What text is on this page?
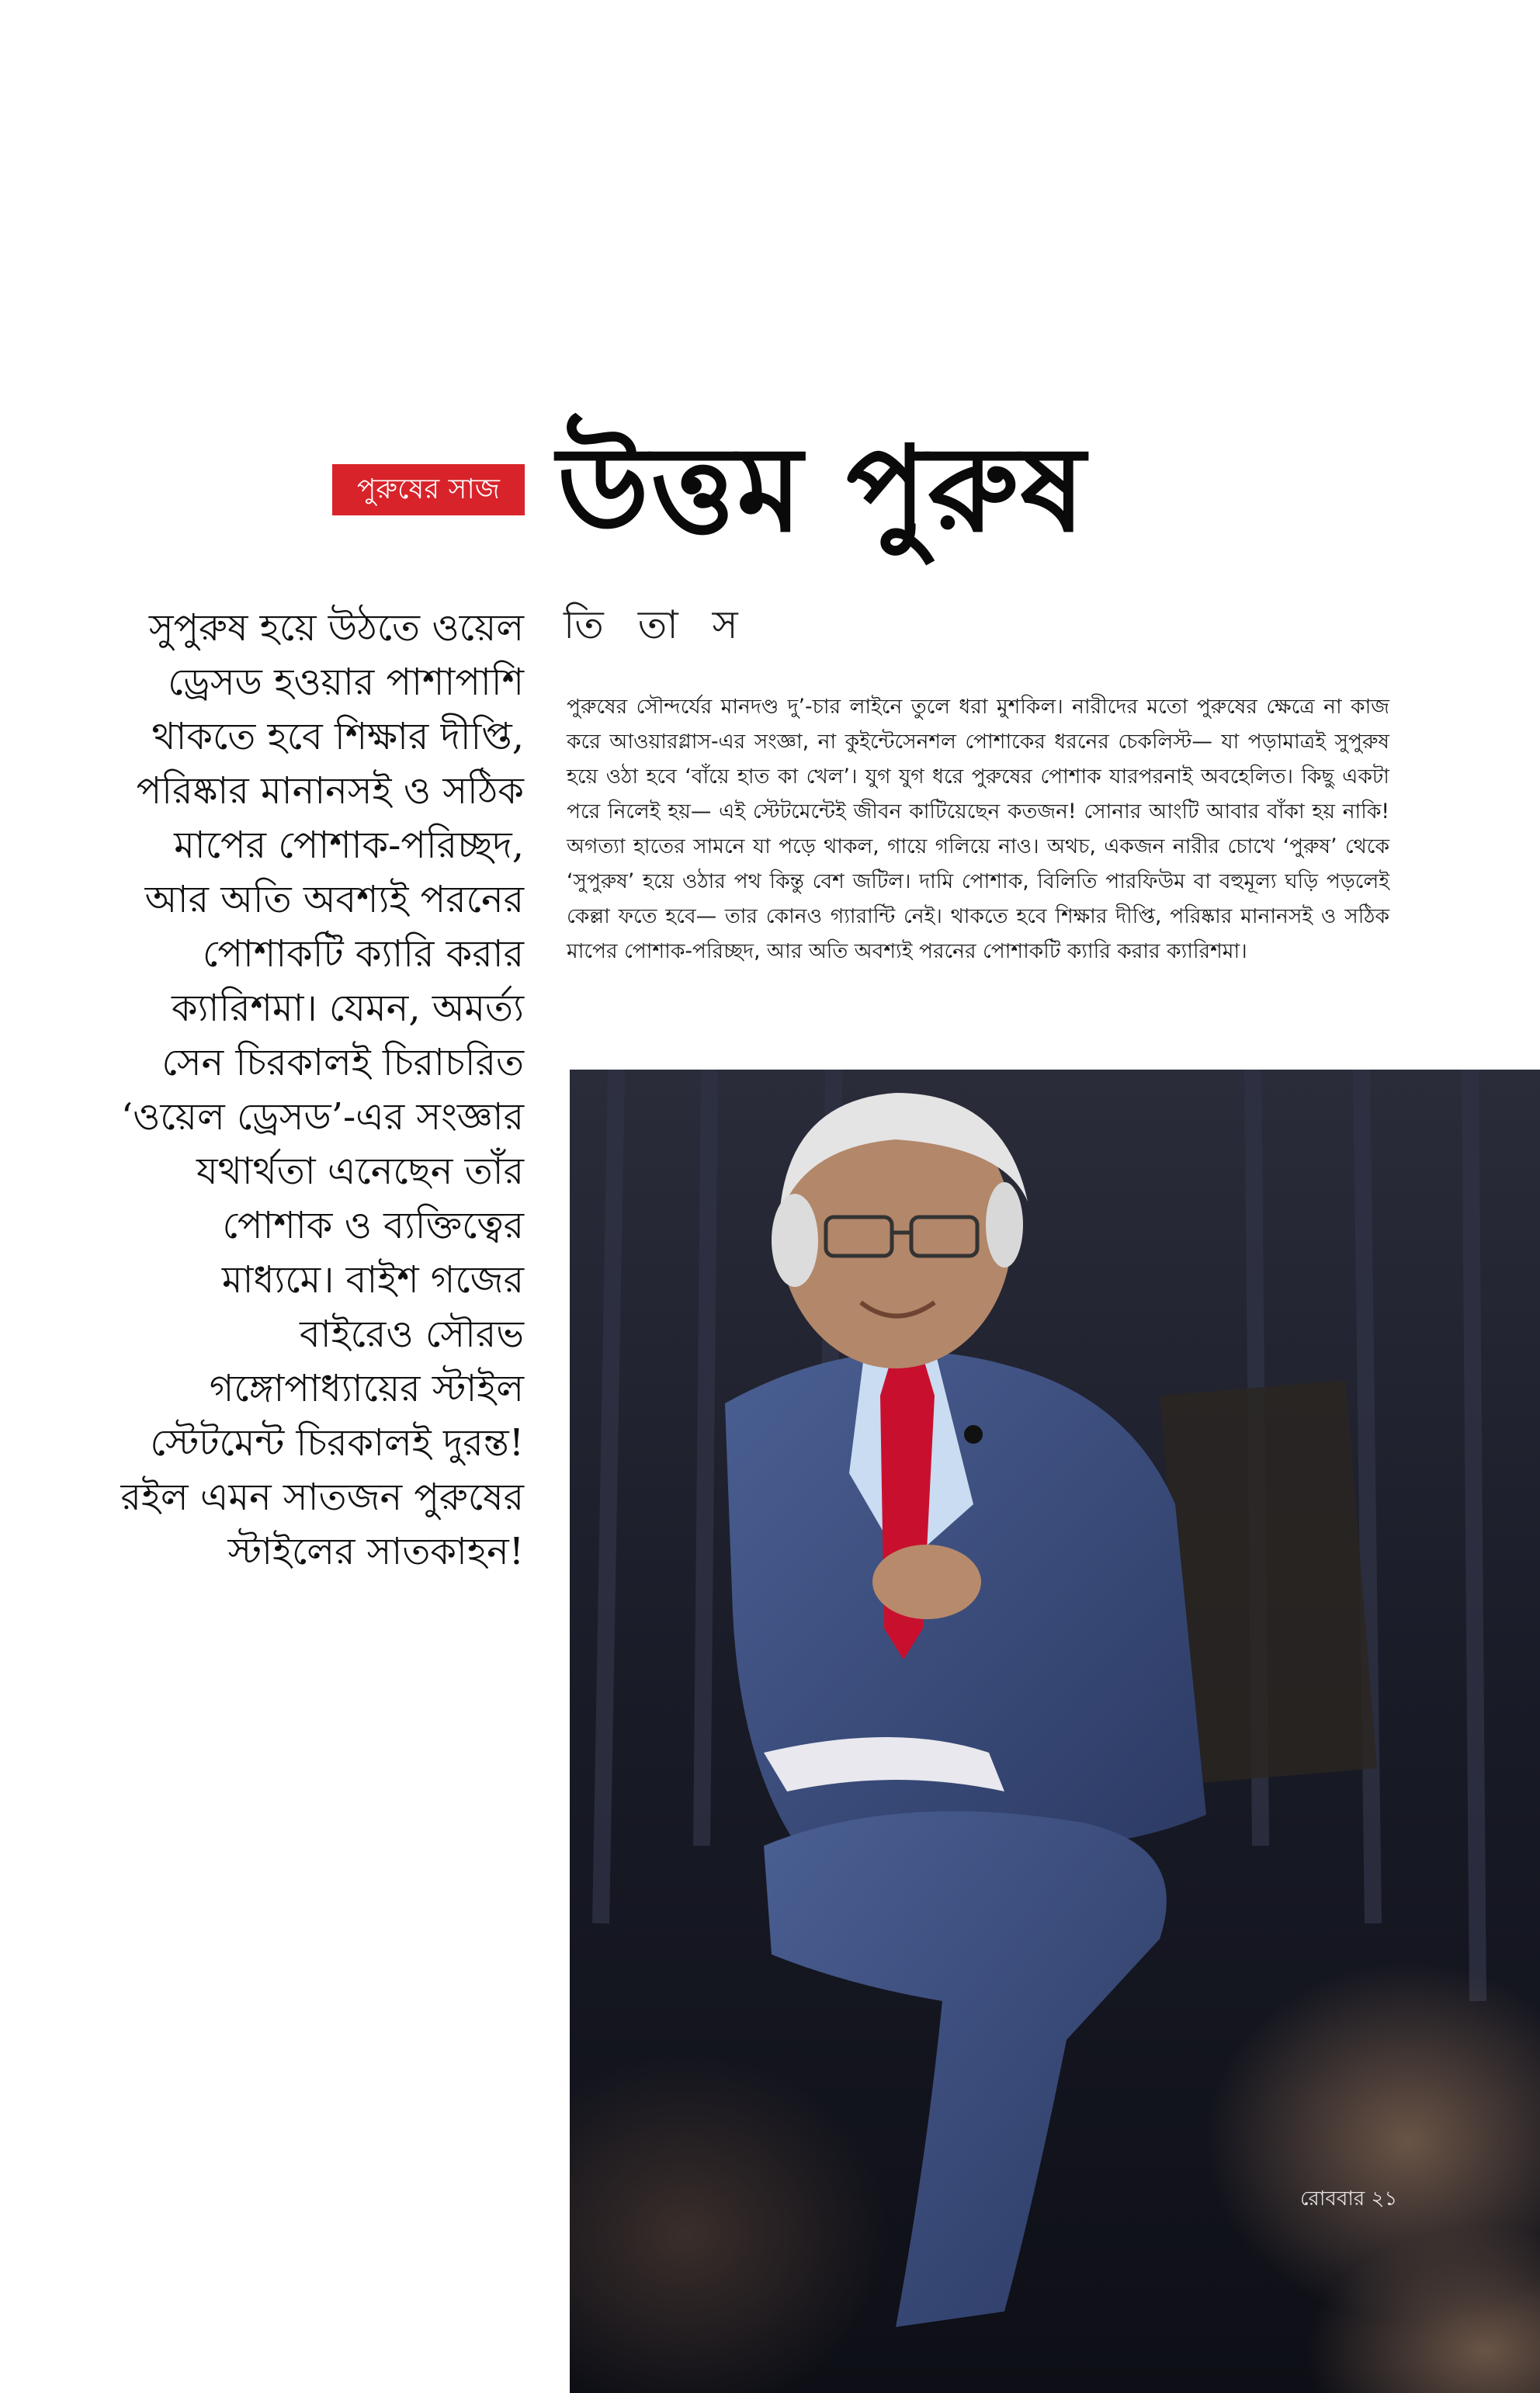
পুরুষের সাজ উত্তম পুরুষ
তি তা স
পুরুষের সৌন্দর্যের মানদণ্ড দু’-চার লাইনে তুলে ধরা মুশকিল। নারীদের মতো পুরুষের ক্ষেত্রে না কাজ করে আওয়ারগ্লাস-এর সংজ্ঞা, না কুইন্টেসেনশল পোশাকের ধরনের চেকলিস্ট— যা পড়ামাত্রই সুপুরুষ হয়ে ওঠা হবে ‘বাঁয়ে হাত কা খেল’। যুগ যুগ ধরে পুরুষের পোশাক যারপরনাই অবহেলিত। কিছু একটা পরে নিলেই হয়— এই স্টেটমেন্টেই জীবন কাটিয়েছেন কতজন! সোনার আংটি আবার বাঁকা হয় নাকি! অগত্যা হাতের সামনে যা পড়ে থাকল, গায়ে গলিয়ে নাও। অথচ, একজন নারীর চোখে ‘পুরুষ’ থেকে ‘সুপুরুষ’ হয়ে ওঠার পথ কিন্তু বেশ জটিল। দামি পোশাক, বিলিতি পারফিউম বা বহুমূল্য ঘড়ি পড়লেই কেল্লা ফতে হবে— তার কোনও গ্যারান্টি নেই। থাকতে হবে শিক্ষার দীপ্তি, পরিষ্কার মানানসই ও সঠিক মাপের পোশাক-পরিচ্ছদ, আর অতি অবশ্যই পরনের পোশাকটি ক্যারি করার ক্যারিশমা।
সুপুরুষ হয়ে উঠতে ওয়েল ড্রেসড হওয়ার পাশাপাশি থাকতে হবে শিক্ষার দীপ্তি, পরিষ্কার মানানসই ও সঠিক মাপের পোশাক-পরিচ্ছদ, আর অতি অবশ্যই পরনের পোশাকটি ক্যারি করার ক্যারিশমা। যেমন, অমর্ত্য সেন চিরকালই চিরাচরিত ‘ওয়েল ড্রেসড’-এর সংজ্ঞার যথার্থতা এনেছেন তাঁর পোশাক ও ব্যক্তিত্বের মাধ্যমে। বাইশ গজের বাইরেও সৌরভ গঙ্গোপাধ্যায়ের স্টাইল স্টেটমেন্ট চিরকালই দুরন্ত! রইল এমন সাতজন পুরুষের স্টাইলের সাতকাহন!
রোববার ২১
